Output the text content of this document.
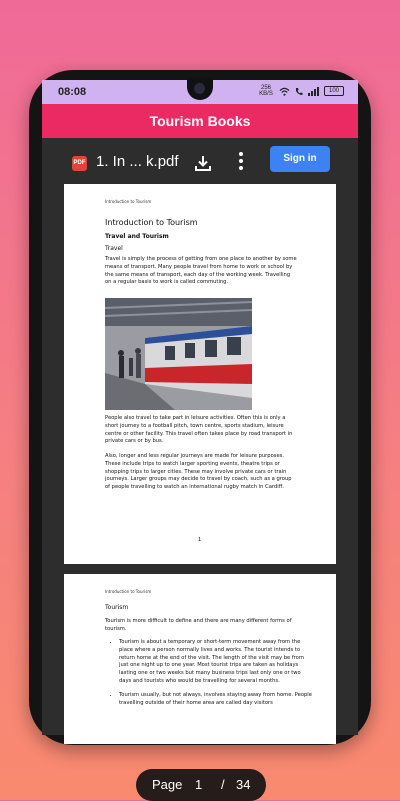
08:08	256 KB/S	100
Tourism Books
PDF 1. In ... k.pdf	Sign in
Introduction to Tourism
Introduction to Tourism
Travel and Tourism
Travel
Travel is simply the process of getting from one place to another by some means of transport. Many people travel from home to work or school by the same means of transport, each day of the working week. Travelling on a regular basis to work is called commuting.
People also travel to take part in leisure activities. Often this is only a short journey to a football pitch, town centre, sports stadium, leisure centre or other facility. This travel often takes place by road transport in private cars or by bus.
Also, longer and less regular journeys are made for leisure purposes. These include trips to watch larger sporting events, theatre trips or shopping trips to larger cities. These may involve private cars or train journeys. Larger groups may decide to travel by coach, such as a group of people travelling to watch an international rugby match in Cardiff.
1
Introduction to Tourism
Tourism
Tourism is more difficult to define and there are many different forms of tourism.
• Tourism is about a temporary or short-term movement away from the place where a person normally lives and works. The tourist intends to return home at the end of the visit. The length of the visit may be from just one night up to one year. Most tourist trips are taken as holidays lasting one or two weeks but many business trips last only one or two days and tourists who would be travelling for several months.
• Tourism usually, but not always, involves staying away from home. People travelling outside of their home area are called day visitors
Page 1 / 34
